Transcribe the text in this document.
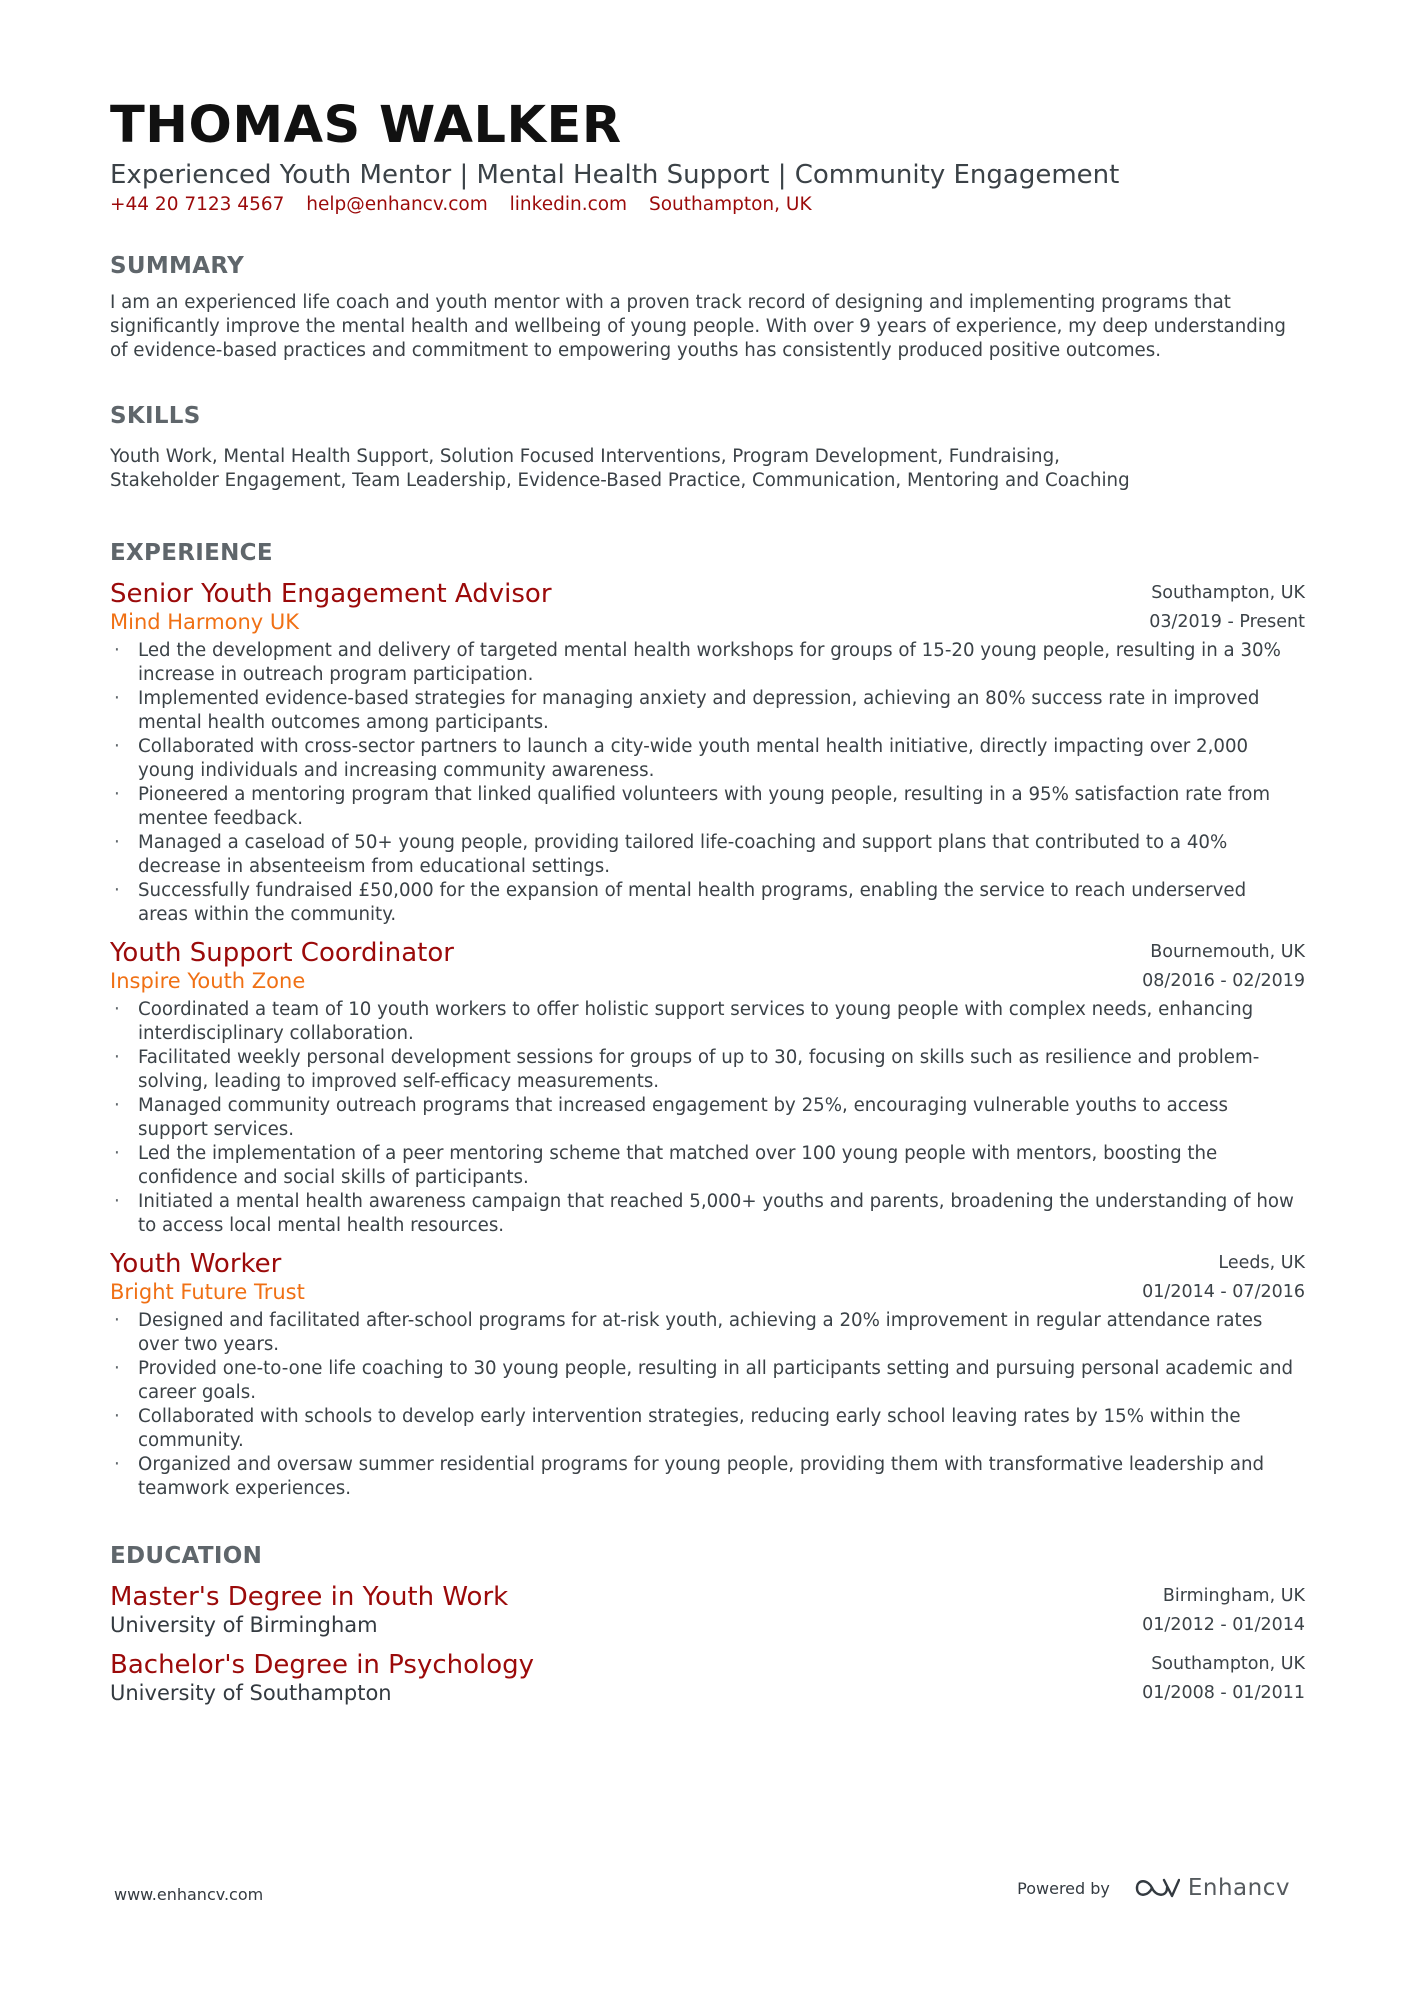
THOMAS WALKER
Experienced Youth Mentor | Mental Health Support | Community Engagement
+44 20 7123 4567 help@enhancv.com linkedin.com Southampton, UK
SUMMARY
I am an experienced life coach and youth mentor with a proven track record of designing and implementing programs that significantly improve the mental health and wellbeing of young people. With over 9 years of experience, my deep understanding of evidence-based practices and commitment to empowering youths has consistently produced positive outcomes.
SKILLS
Youth Work, Mental Health Support, Solution Focused Interventions, Program Development, Fundraising,
Stakeholder Engagement, Team Leadership, Evidence-Based Practice, Communication, Mentoring and Coaching
EXPERIENCE
Senior Youth Engagement Advisor
Mind Harmony UK
Southampton, UK
03/2019 - Present
· Led the development and delivery of targeted mental health workshops for groups of 15-20 young people, resulting in a 30% increase in outreach program participation.
· Implemented evidence-based strategies for managing anxiety and depression, achieving an 80% success rate in improved mental health outcomes among participants.
· Collaborated with cross-sector partners to launch a city-wide youth mental health initiative, directly impacting over 2,000 young individuals and increasing community awareness.
· Pioneered a mentoring program that linked qualified volunteers with young people, resulting in a 95% satisfaction rate from mentee feedback.
· Managed a caseload of 50+ young people, providing tailored life-coaching and support plans that contributed to a 40% decrease in absenteeism from educational settings.
· Successfully fundraised £50,000 for the expansion of mental health programs, enabling the service to reach underserved areas within the community.
Youth Support Coordinator
Inspire Youth Zone
Bournemouth, UK
08/2016 - 02/2019
· Coordinated a team of 10 youth workers to offer holistic support services to young people with complex needs, enhancing interdisciplinary collaboration.
· Facilitated weekly personal development sessions for groups of up to 30, focusing on skills such as resilience and problem-solving, leading to improved self-efficacy measurements.
· Managed community outreach programs that increased engagement by 25%, encouraging vulnerable youths to access support services.
· Led the implementation of a peer mentoring scheme that matched over 100 young people with mentors, boosting the confidence and social skills of participants.
· Initiated a mental health awareness campaign that reached 5,000+ youths and parents, broadening the understanding of how to access local mental health resources.
Youth Worker
Bright Future Trust
Leeds, UK
01/2014 - 07/2016
· Designed and facilitated after-school programs for at-risk youth, achieving a 20% improvement in regular attendance rates over two years.
· Provided one-to-one life coaching to 30 young people, resulting in all participants setting and pursuing personal academic and career goals.
· Collaborated with schools to develop early intervention strategies, reducing early school leaving rates by 15% within the community.
· Organized and oversaw summer residential programs for young people, providing them with transformative leadership and teamwork experiences.
EDUCATION
Master's Degree in Youth Work
University of Birmingham
Birmingham, UK
01/2012 - 01/2014
Bachelor's Degree in Psychology
University of Southampton
Southampton, UK
01/2008 - 01/2011
www.enhancv.com	Powered by	Enhancv
